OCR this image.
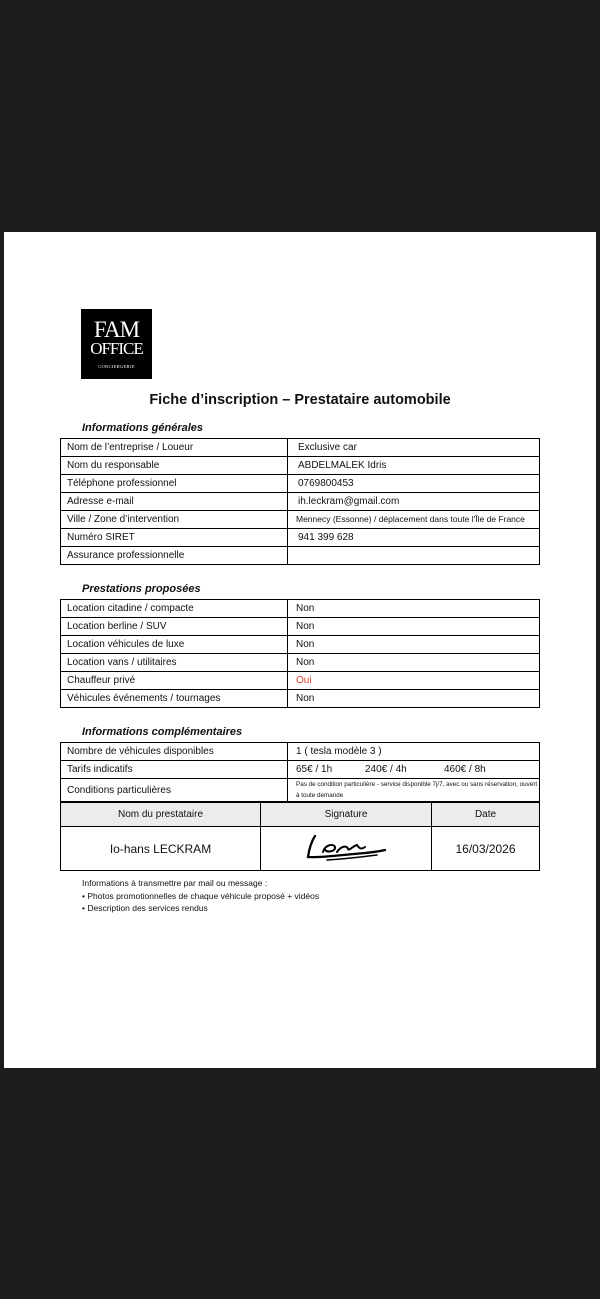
FAM
OFFICE
CONCIERGERIE
Fiche d’inscription – Prestataire automobile
Informations générales
Nom de l’entreprise / Loueur	Exclusive car
Nom du responsable	ABDELMALEK Idris
Téléphone professionnel	0769800453
Adresse e-mail	ih.leckram@gmail.com
Ville / Zone d’intervention	Mennecy (Essonne) / déplacement dans toute l'Île de France
Numéro SIRET	941 399 628
Assurance professionnelle	
Prestations proposées
Location citadine / compacte	Non
Location berline / SUV	Non
Location véhicules de luxe	Non
Location vans / utilitaires	Non
Chauffeur privé	Oui
Véhicules événements / tournages	Non
Informations complémentaires
Nombre de véhicules disponibles	1 ( tesla modèle 3 )
Tarifs indicatifs	65€ / 1h 240€ / 4h 460€ / 8h
Conditions particulières	Pas de condition particulière - service disponible 7j/7, avec ou sans réservation, ouvert à toute demande
Nom du prestataire	Signature	Date
Io-hans LECKRAM		16/03/2026
Informations à transmettre par mail ou message :
• Photos promotionnelles de chaque véhicule proposé + vidéos
• Description des services rendus
